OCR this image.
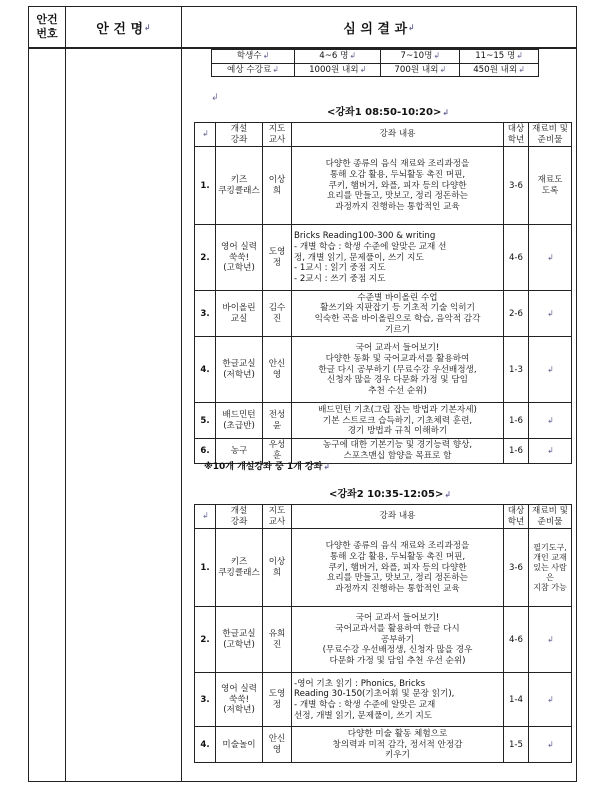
안건
번호	안 건 명 ↲	심 의 결 과 ↲
학생수↲	4~6 명↲	7~10명↲	11~15 명↲
예상 수강료↲	1000원 내외↲	700원 내외↲	450원 내외↲
↲
<강좌1 08:50-10:20>↲
↲	개설
강좌	지도
교사	강좌 내용	대상
학년	재료비 및
준비물
1.	키즈
쿠킹클래스	이상희	다양한 종류의 음식 재료와 조리과정을
통해 오감 활용, 두뇌활동 촉진 머핀,
쿠키, 햄버거, 와플, 피자 등의 다양한
요리를 만들고, 맛보고, 정리 정돈하는
과정까지 진행하는 통합적인 교육	3-6	재료도
도록
2.	영어 실력
쑥쑥!
(고학년)	도영정	Bricks Reading100-300 & writing
- 개별 학습 : 학생 수준에 알맞은 교재 선
정, 개별 읽기, 문제풀이, 쓰기 지도
- 1교시 : 읽기 중점 지도
- 2교시 : 쓰기 중점 지도	4-6	↲
3.	바이올린
교실	김수진	수준별 바이올린 수업
활쓰기와 지판잡기 등 기초적 기술 익히기
익숙한 곡을 바이올린으로 학습, 음악적 감각
기르기	2-6	↲
4.	한글교실
(저학년)	안신영	국어 교과서 들어보기!
다양한 동화 및 국어교과서를 활용하여
한글 다시 공부하기 (무료수강 우선배정생,
신청자 많을 경우 다문화 가정 및 담임
추천 수선 순위)	1-3	↲
5.	배드민턴
(초급반)	전성윤	배드민턴 기초(그립 잡는 방법과 기본자세)
기본 스트로크 습득하기, 기초체력 훈련,
경기 방법과 규칙 이해하기	1-6	↲
6.	농구	우성훈	농구에 대한 기본기능 및 경기능력 향상,
스포츠맨십 함양을 목표로 함	1-6	↲
※10개 개설강좌 중 1개 강좌↲
<강좌2 10:35-12:05>↲
↲	개설
강좌	지도
교사	강좌 내용	대상
학년	재료비 및
준비물
1.	키즈
쿠킹클래스	이상희	다양한 종류의 음식 재료와 조리과정을
통해 오감 활용, 두뇌활동 촉진 머핀,
쿠키, 햄버거, 와플, 피자 등의 다양한
요리를 만들고, 맛보고, 정리 정돈하는
과정까지 진행하는 통합적인 교육	3-6	필기도구,
개인 교재
있는 사람은
지참 가능
2.	한글교실
(고학년)	유희진	국어 교과서 들어보기!
국어교과서를 활용하여 한글 다시
공부하기
(무료수강 우선배정생, 신청자 많을 경우
다문화 가정 및 담임 추천 우선 순위)	4-6	↲
3.	영어 실력
쑥쑥!
(저학년)	도영정	-영어 기초 읽기 : Phonics, Bricks
Reading 30-150(기초어휘 및 문장 읽기),
- 개별 학습 : 학생 수준에 알맞은 교재
선정, 개별 읽기, 문제풀이, 쓰기 지도	1-4	↲
4.	미술놀이	안신영	다양한 미술 활동 체험으로
창의력과 미적 감각, 정서적 안정감
키우기	1-5	↲
